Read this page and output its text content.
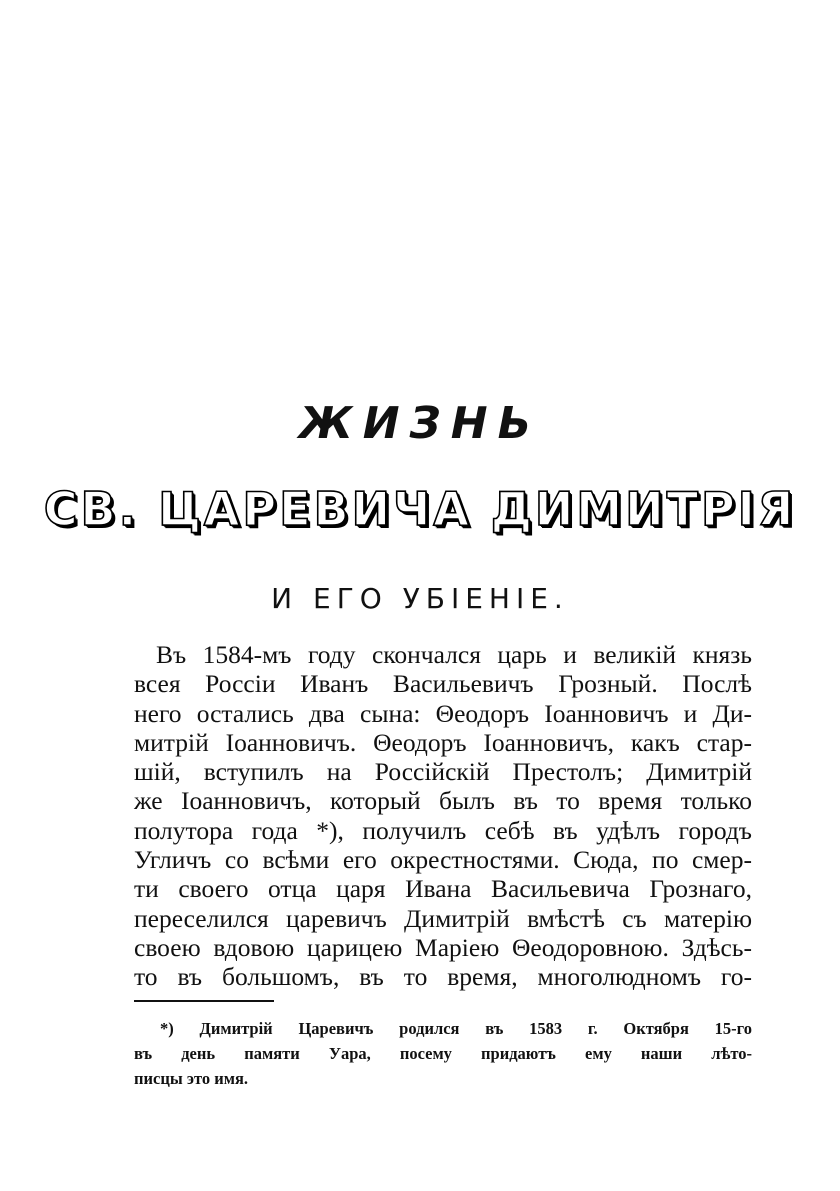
ЖИЗНЬ
СВ. ЦАРЕВИЧА ДИМИТРІЯ
И ЕГО УБІЕНІЕ.
Въ 1584-мъ году скончался царь и великій князь
всея Россіи Иванъ Васильевичъ Грозный. Послѣ
него остались два сына: Θеодоръ Іоанновичъ и Ди-
митрій Іоанновичъ. Θеодоръ Іоанновичъ, какъ стар-
шій, вступилъ на Россійскій Престолъ; Димитрій
же Іоанновичъ, который былъ въ то время только
полутора года *), получилъ себѣ въ удѣлъ городъ
Угличъ со всѣми его окрестностями. Сюда, по смер-
ти своего отца царя Ивана Васильевича Грознаго,
переселился царевичъ Димитрій вмѣстѣ съ матерію
своею вдовою царицею Маріею Θеодоровною. Здѣсь-
то въ большомъ, въ то время, многолюдномъ го-
*) Димитрій Царевичъ родился въ 1583 г. Октября 15-го
въ день памяти Уара, посему придаютъ ему наши лѣто-
писцы это имя.
